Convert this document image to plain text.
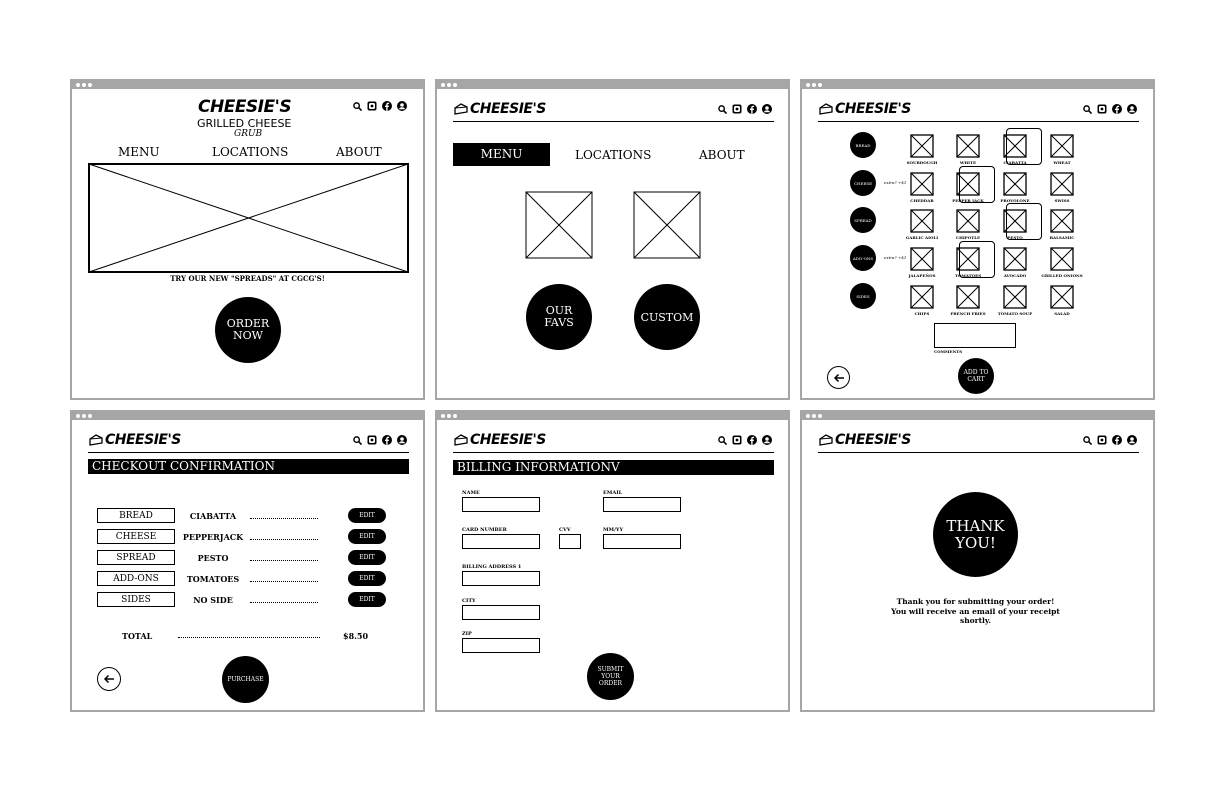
CHEESIE'S
GRILLED CHEESE
GRUB
MENU	LOCATIONS	ABOUT
TRY OUR NEW "SPREADS" AT CGCG'S!
ORDER
NOW
CHEESIE'S
MENU	LOCATIONS	ABOUT
OUR
FAVS	CUSTOM
CHEESIE'S
BREAD
CHEESE
SPREAD
ADD-ONS
SIDES
extra? +$1
extra? +$1
COMMENTS
ADD TO
CART
SOURDOUGH	WHITE	CIABATTA	WHEAT
CHEDDAR	PEPPER JACK	PROVOLONE	SWISS
GARLIC AIOLI	CHIPOTLE	PESTO	BALSAMIC
JALAPEÑOS	TOMATOES	AVOCADO	GRILLED ONIONS
CHIPS	FRENCH FRIES	TOMATO SOUP	SALAD
CHEESIE'S
CHECKOUT CONFIRMATION
TOTAL	$8.50
PURCHASE
BREAD	CIABATTA	EDIT
CHEESE	PEPPERJACK	EDIT
SPREAD	PESTO	EDIT
ADD-ONS	TOMATOES	EDIT
SIDES	NO SIDE	EDIT
CHEESIE'S
BILLING INFORMATIONV
NAME	EMAIL
CARD NUMBER	CVV	MM/YY
BILLING ADDRESS 1
CITY
ZIP
SUBMIT
YOUR
ORDER
CHEESIE'S
THANK
YOU!
Thank you for submitting your order!
You will receive an email of your receipt
shortly.
